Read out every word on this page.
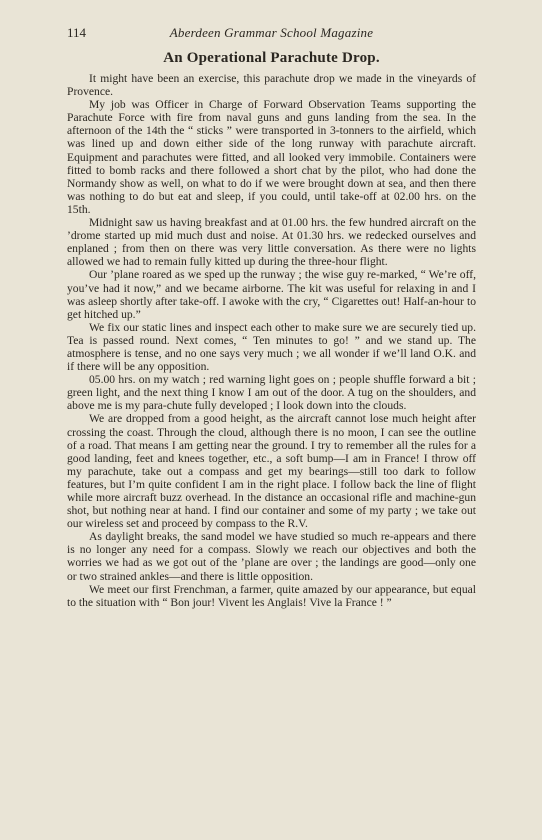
114	Aberdeen Grammar School Magazine
An Operational Parachute Drop.

It might have been an exercise, this parachute drop we made in the vineyards of Provence.

My job was Officer in Charge of Forward Observation Teams supporting the Parachute Force with fire from naval guns and guns landing from the sea. In the afternoon of the 14th the “ sticks ” were transported in 3-tonners to the airfield, which was lined up and down either side of the long runway with parachute aircraft. Equipment and parachutes were fitted, and all looked very immobile. Containers were fitted to bomb racks and there followed a short chat by the pilot, who had done the Normandy show as well, on what to do if we were brought down at sea, and then there was nothing to do but eat and sleep, if you could, until take-off at 02.00 hrs. on the 15th.

Midnight saw us having breakfast and at 01.00 hrs. the few hundred aircraft on the ’drome started up mid much dust and noise. At 01.30 hrs. we redecked ourselves and enplaned ; from then on there was very little conversation. As there were no lights allowed we had to remain fully kitted up during the three-hour flight.

Our ’plane roared as we sped up the runway ; the wise guy re-marked, “ We’re off, you’ve had it now,” and we became airborne. The kit was useful for relaxing in and I was asleep shortly after take-off. I awoke with the cry, “ Cigarettes out! Half-an-hour to get hitched up.”

We fix our static lines and inspect each other to make sure we are securely tied up. Tea is passed round. Next comes, “ Ten minutes to go! ” and we stand up. The atmosphere is tense, and no one says very much ; we all wonder if we’ll land O.K. and if there will be any opposition.

05.00 hrs. on my watch ; red warning light goes on ; people shuffle forward a bit ; green light, and the next thing I know I am out of the door. A tug on the shoulders, and above me is my para-chute fully developed ; I look down into the clouds.

We are dropped from a good height, as the aircraft cannot lose much height after crossing the coast. Through the cloud, although there is no moon, I can see the outline of a road. That means I am getting near the ground. I try to remember all the rules for a good landing, feet and knees together, etc., a soft bump—I am in France! I throw off my parachute, take out a compass and get my bearings—still too dark to follow features, but I’m quite confident I am in the right place. I follow back the line of flight while more aircraft buzz overhead. In the distance an occasional rifle and machine-gun shot, but nothing near at hand. I find our container and some of my party ; we take out our wireless set and proceed by compass to the R.V.

As daylight breaks, the sand model we have studied so much re-appears and there is no longer any need for a compass. Slowly we reach our objectives and both the worries we had as we got out of the ’plane are over ; the landings are good—only one or two strained ankles—and there is little opposition.

We meet our first Frenchman, a farmer, quite amazed by our appearance, but equal to the situation with “ Bon jour! Vivent les Anglais! Vive la France ! ”
